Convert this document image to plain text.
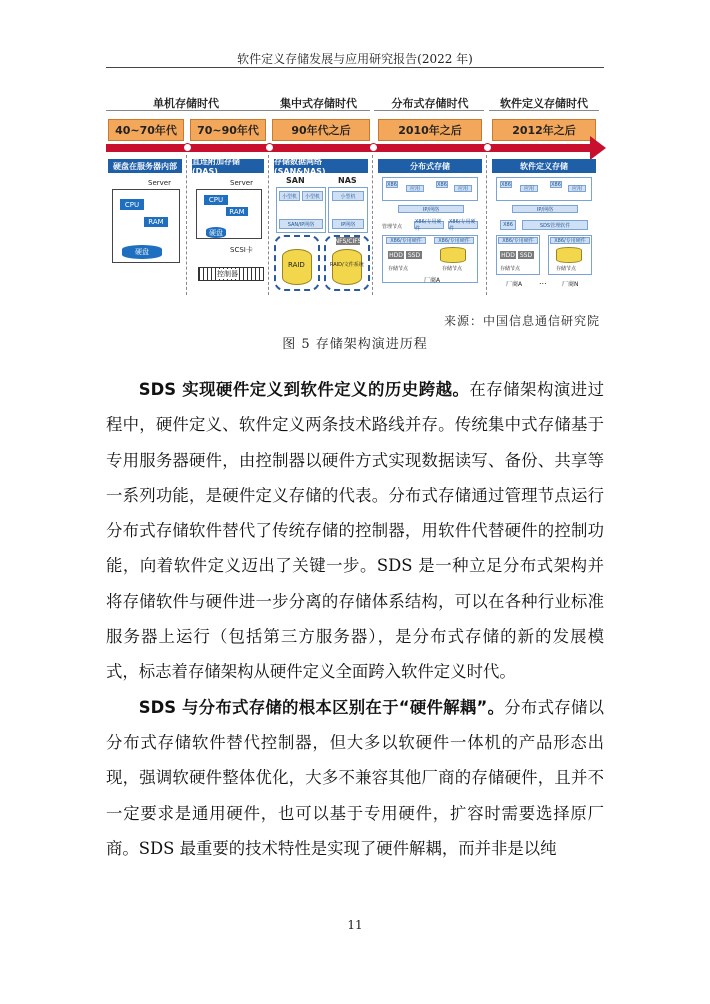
软件定义存储发展与应用研究报告(2022 年)
单机存储时代	集中式存储时代	分布式存储时代	软件定义存储时代
40~70年代	70~90年代	90年代之后	2010年之后	2012年之后
硬盘在服务器内部	直连附加存储(DAS)
存储数据网络(SAN&NAS)
分布式存储	软件定义存储
Server
CPU
RAM
硬盘
Server
CPU
RAM
硬盘
SCSI卡
控制器
SAN	NAS
小型机	小型机	小型机
SAN/IP网络	IP网络
NFS/CIFS
RAID	RAID/文件系统
X86
应用
X86
应用
IP/网络
管理节点
X86/专用硬件
X86/专用硬件
X86/专用硬件	X86/专用硬件
HDD SSD
存储节点	存储节点
厂商A
X86
应用
X86
应用
IP/网络
X86	SDS管理软件
X86/专用硬件	X86/专用硬件
HDD SSD
存储节点	存储节点
厂商A ...	厂商N
来源：中国信息通信研究院
图 5 存储架构演进历程

SDS 实现硬件定义到软件定义的历史跨越。在存储架构演进过程中，硬件定义、软件定义两条技术路线并存。传统集中式存储基于专用服务器硬件，由控制器以硬件方式实现数据读写、备份、共享等一系列功能，是硬件定义存储的代表。分布式存储通过管理节点运行分布式存储软件替代了传统存储的控制器，用软件代替硬件的控制功能，向着软件定义迈出了关键一步。SDS 是一种立足分布式架构并将存储软件与硬件进一步分离的存储体系结构，可以在各种行业标准服务器上运行（包括第三方服务器），是分布式存储的新的发展模式，标志着存储架构从硬件定义全面跨入软件定义时代。

SDS 与分布式存储的根本区别在于“硬件解耦”。分布式存储以分布式存储软件替代控制器，但大多以软硬件一体机的产品形态出现，强调软硬件整体优化，大多不兼容其他厂商的存储硬件，且并不一定要求是通用硬件，也可以基于专用硬件，扩容时需要选择原厂商。SDS 最重要的技术特性是实现了硬件解耦，而并非是以纯

11
